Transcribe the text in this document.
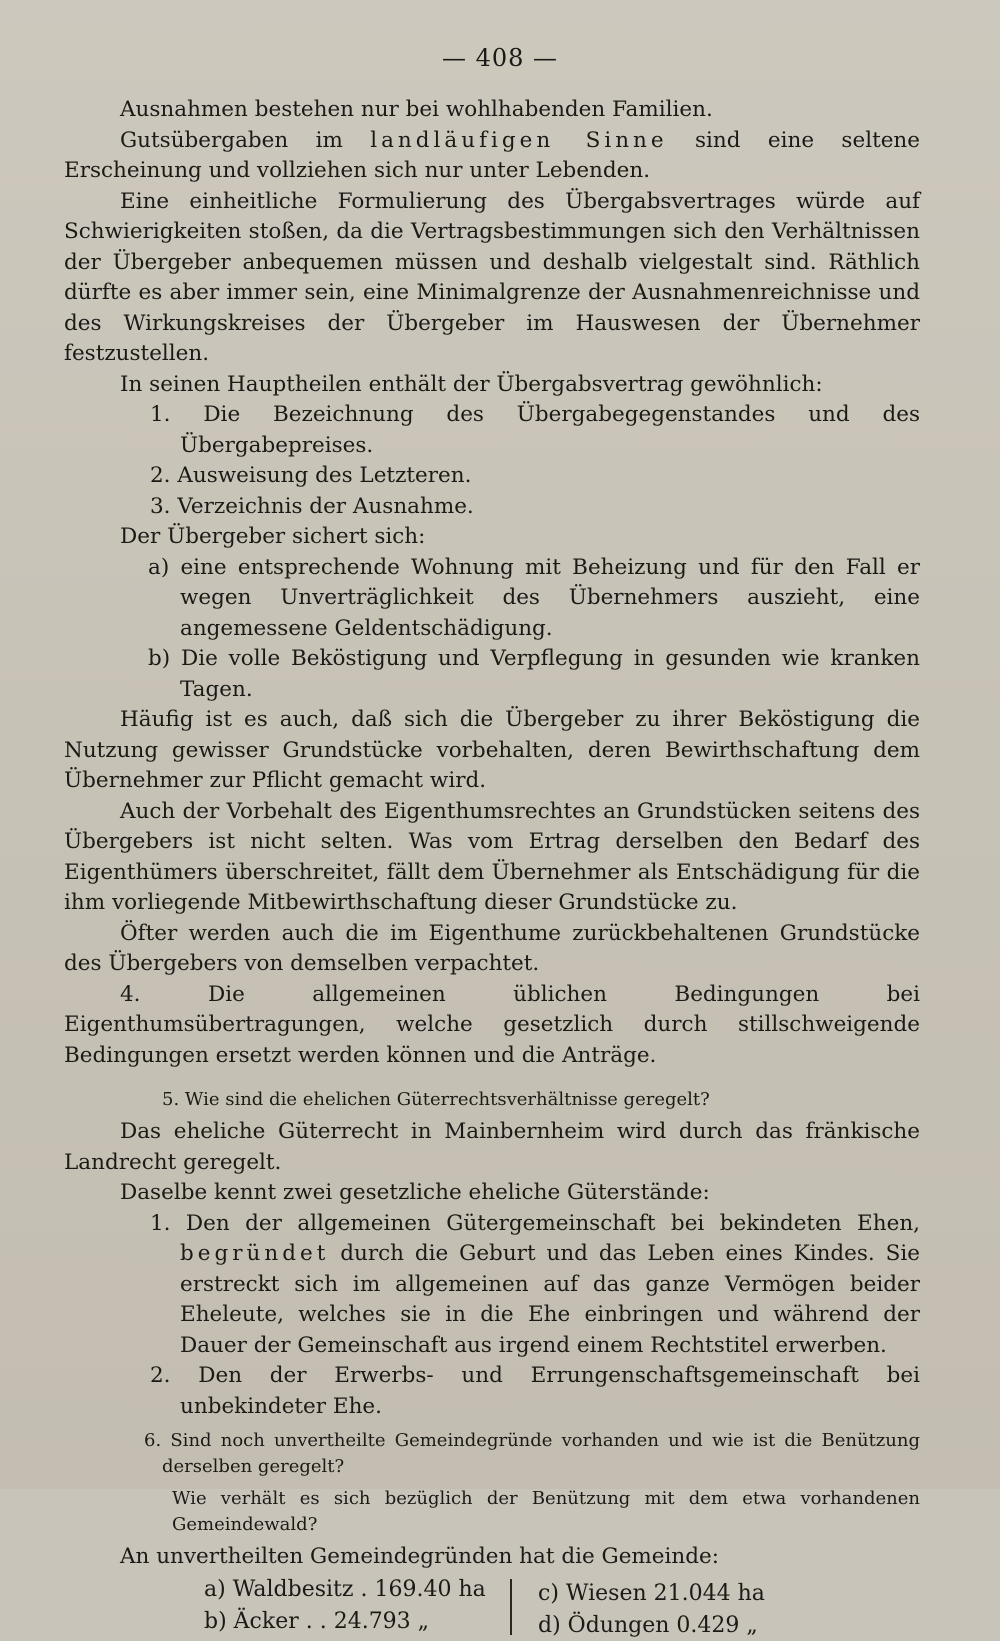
— 408 —

Ausnahmen bestehen nur bei wohlhabenden Familien.

Gutsübergaben im landläufigen Sinne sind eine seltene Erscheinung und vollziehen sich nur unter Lebenden.

Eine einheitliche Formulierung des Übergabsvertrages würde auf Schwierigkeiten stoßen, da die Vertragsbestimmungen sich den Verhältnissen der Übergeber anbequemen müssen und deshalb vielgestalt sind. Räthlich dürfte es aber immer sein, eine Minimalgrenze der Ausnahmenreichnisse und des Wirkungskreises der Übergeber im Hauswesen der Übernehmer festzustellen.

In seinen Hauptheilen enthält der Übergabsvertrag gewöhnlich:

1. Die Bezeichnung des Übergabegegenstandes und des Übergabepreises.

2. Ausweisung des Letzteren.

3. Verzeichnis der Ausnahme.

Der Übergeber sichert sich:

a) eine entsprechende Wohnung mit Beheizung und für den Fall er wegen Unverträglichkeit des Übernehmers auszieht, eine angemessene Geldentschädigung.

b) Die volle Beköstigung und Verpflegung in gesunden wie kranken Tagen.

Häufig ist es auch, daß sich die Übergeber zu ihrer Beköstigung die Nutzung gewisser Grundstücke vorbehalten, deren Bewirthschaftung dem Übernehmer zur Pflicht gemacht wird.

Auch der Vorbehalt des Eigenthumsrechtes an Grundstücken seitens des Übergebers ist nicht selten. Was vom Ertrag derselben den Bedarf des Eigenthümers überschreitet, fällt dem Übernehmer als Entschädigung für die ihm vorliegende Mitbewirthschaftung dieser Grundstücke zu.

Öfter werden auch die im Eigenthume zurückbehaltenen Grundstücke des Übergebers von demselben verpachtet.

4. Die allgemeinen üblichen Bedingungen bei Eigenthumsübertragungen, welche gesetzlich durch stillschweigende Bedingungen ersetzt werden können und die Anträge.

5. Wie sind die ehelichen Güterrechtsverhältnisse geregelt?

Das eheliche Güterrecht in Mainbernheim wird durch das fränkische Landrecht geregelt.

Daselbe kennt zwei gesetzliche eheliche Güterstände:

1. Den der allgemeinen Gütergemeinschaft bei bekindeten Ehen, begründet durch die Geburt und das Leben eines Kindes. Sie erstreckt sich im allgemeinen auf das ganze Vermögen beider Eheleute, welches sie in die Ehe einbringen und während der Dauer der Gemeinschaft aus irgend einem Rechtstitel erwerben.

2. Den der Erwerbs- und Errungenschaftsgemeinschaft bei unbekindeter Ehe.

6. Sind noch unvertheilte Gemeindegründe vorhanden und wie ist die Benützung derselben geregelt?

Wie verhält es sich bezüglich der Benützung mit dem etwa vorhandenen Gemeindewald?

An unvertheilten Gemeindegründen hat die Gemeinde:

a) Waldbesitz . 169.40 ha
b) Äcker . . 24.793 „
c) Wiesen 21.044 ha
d) Ödungen 0.429 „
